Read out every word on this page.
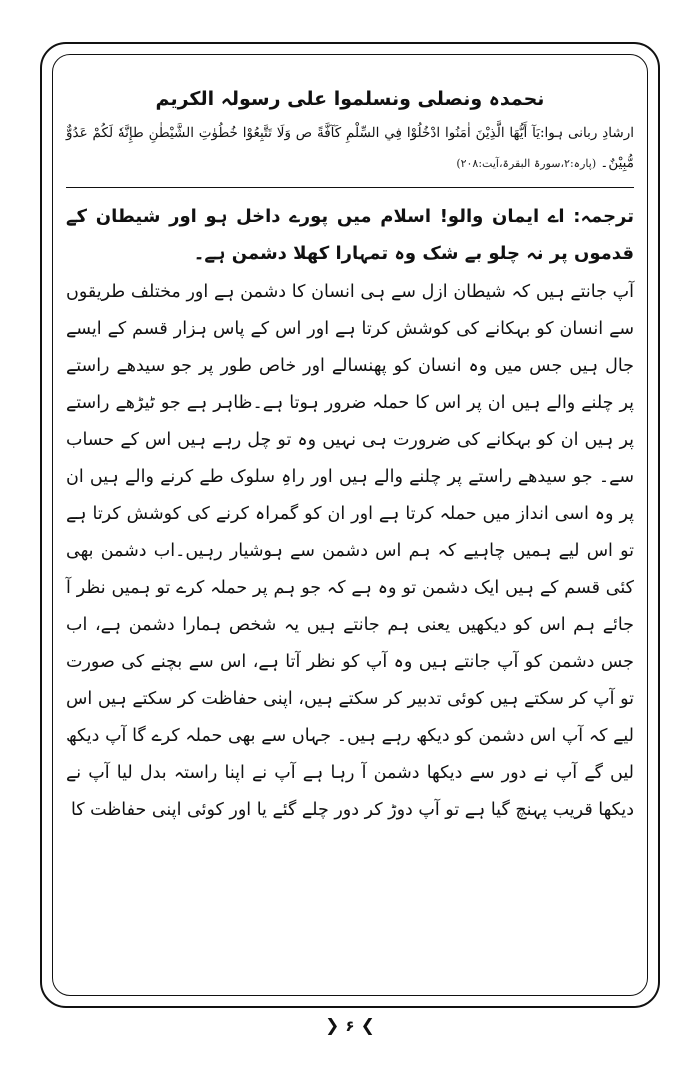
نحمدہ ونصلی ونسلموا علی رسولہ الکریم

ارشادِ ربانی ہوا:يَآ أَيُّهَا الَّذِيْنَ اٰمَنُوا ادْخُلُوْا فِي السِّلْمِ كَآفَّةً ص وَلَا تَتَّبِعُوْا خُطُوٰتِ الشَّيْطٰنِ طإِنَّهٗ لَكُمْ عَدُوٌّ مُّبِيْنٌ۔ (پارہ:۲،سورۃ البقرۃ،آیت:۲۰۸)

ترجمہ: اے ایمان والو! اسلام میں پورے داخل ہو اور شیطان کے قدموں پر نہ چلو بے شک وہ تمہارا کھلا دشمن ہے۔

آپ جانتے ہیں کہ شیطان ازل سے ہی انسان کا دشمن ہے اور مختلف طریقوں سے انسان کو بہکانے کی کوشش کرتا ہے اور اس کے پاس ہزار قسم کے ایسے جال ہیں جس میں وہ انسان کو پھنسالے اور خاص طور پر جو سیدھے راستے پر چلنے والے ہیں ان پر اس کا حملہ ضرور ہوتا ہے۔ظاہر ہے جو ٹیڑھے راستے پر ہیں ان کو بہکانے کی ضرورت ہی نہیں وہ تو چل رہے ہیں اس کے حساب سے۔ جو سیدھے راستے پر چلنے والے ہیں اور راہِ سلوک طے کرنے والے ہیں ان پر وہ اسی انداز میں حملہ کرتا ہے اور ان کو گمراہ کرنے کی کوشش کرتا ہے تو اس لیے ہمیں چاہیے کہ ہم اس دشمن سے ہوشیار رہیں۔اب دشمن بھی کئی قسم کے ہیں ایک دشمن تو وہ ہے کہ جو ہم پر حملہ کرے تو ہمیں نظر آ جائے ہم اس کو دیکھیں یعنی ہم جانتے ہیں یہ شخص ہمارا دشمن ہے، اب جس دشمن کو آپ جانتے ہیں وہ آپ کو نظر آتا ہے، اس سے بچنے کی صورت تو آپ کر سکتے ہیں کوئی تدبیر کر سکتے ہیں، اپنی حفاظت کر سکتے ہیں اس لیے کہ آپ اس دشمن کو دیکھ رہے ہیں۔ جہاں سے بھی حملہ کرے گا آپ دیکھ لیں گے آپ نے دور سے دیکھا دشمن آ رہا ہے آپ نے اپنا راستہ بدل لیا آپ نے دیکھا قریب پہنچ گیا ہے تو آپ دوڑ کر دور چلے گئے یا اور کوئی اپنی حفاظت کا

❯۶❮
